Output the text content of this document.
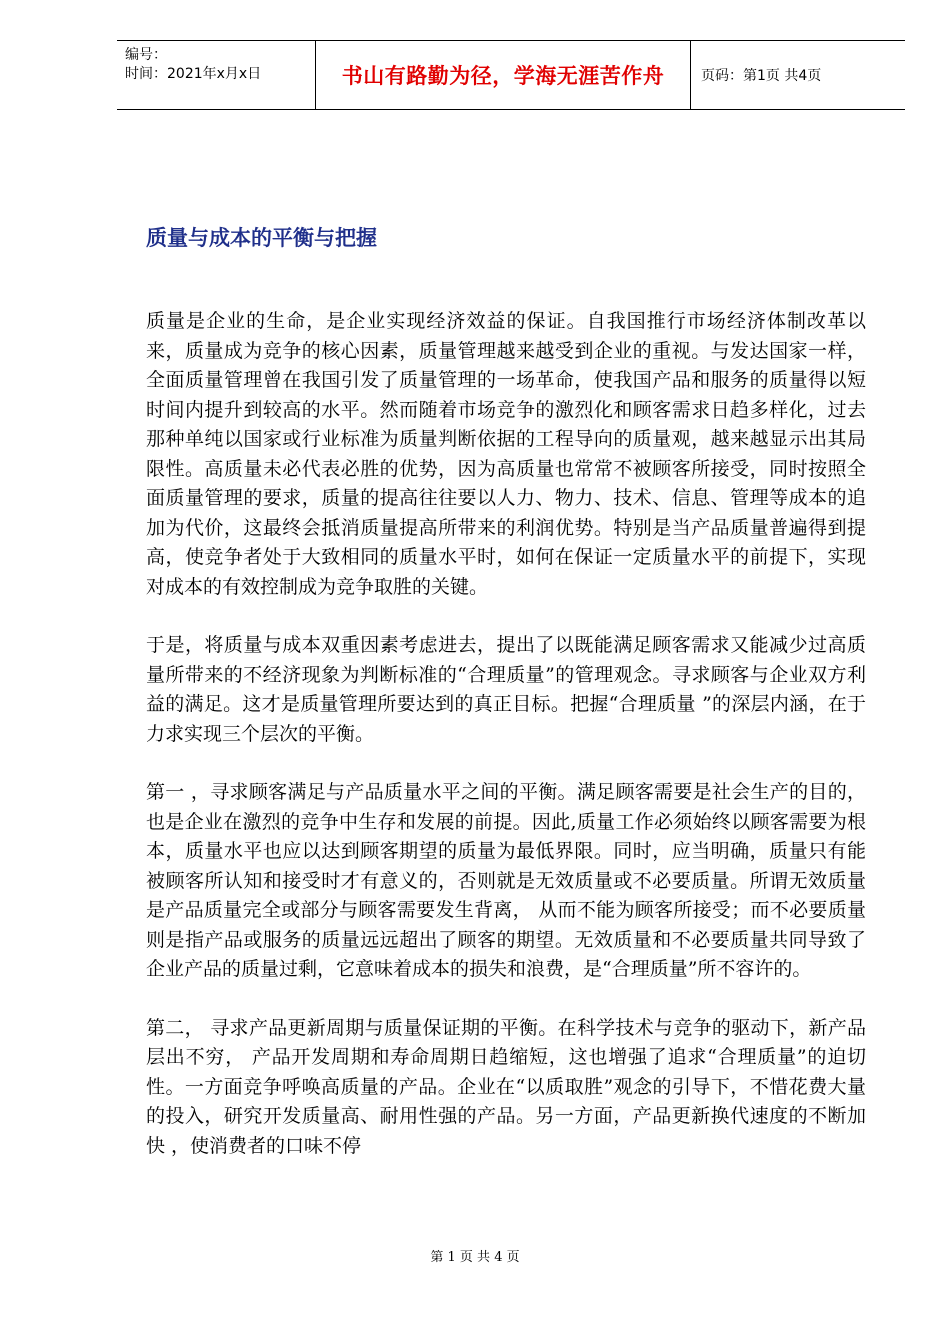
编号：
时间：2021年x月x日	书山有路勤为径，学海无涯苦作舟	页码：第1页 共4页
质量与成本的平衡与把握

质量是企业的生命，是企业实现经济效益的保证。自我国推行市场经济体制改革以来，质量成为竞争的核心因素，质量管理越来越受到企业的重视。与发达国家一样，全面质量管理曾在我国引发了质量管理的一场革命，使我国产品和服务的质量得以短时间内提升到较高的水平。然而随着市场竞争的激烈化和顾客需求日趋多样化，过去那种单纯以国家或行业标准为质量判断依据的工程导向的质量观，越来越显示出其局限性。高质量未必代表必胜的优势，因为高质量也常常不被顾客所接受，同时按照全面质量管理的要求，质量的提高往往要以人力、物力、技术、信息、管理等成本的追加为代价，这最终会抵消质量提高所带来的利润优势。特别是当产品质量普遍得到提高，使竞争者处于大致相同的质量水平时，如何在保证一定质量水平的前提下，实现对成本的有效控制成为竞争取胜的关键。

于是，将质量与成本双重因素考虑进去，提出了以既能满足顾客需求又能减少过高质量所带来的不经济现象为判断标准的“合理质量”的管理观念。寻求顾客与企业双方利益的满足。这才是质量管理所要达到的真正目标。把握“合理质量 ”的深层内涵，在于力求实现三个层次的平衡。

第一 ，寻求顾客满足与产品质量水平之间的平衡。满足顾客需要是社会生产的目的，也是企业在激烈的竞争中生存和发展的前提。因此,质量工作必须始终以顾客需要为根本，质量水平也应以达到顾客期望的质量为最低界限。同时，应当明确，质量只有能被顾客所认知和接受时才有意义的，否则就是无效质量或不必要质量。所谓无效质量是产品质量完全或部分与顾客需要发生背离， 从而不能为顾客所接受；而不必要质量则是指产品或服务的质量远远超出了顾客的期望。无效质量和不必要质量共同导致了企业产品的质量过剩，它意味着成本的损失和浪费，是“合理质量”所不容许的。

第二， 寻求产品更新周期与质量保证期的平衡。在科学技术与竞争的驱动下，新产品层出不穷， 产品开发周期和寿命周期日趋缩短，这也增强了追求“合理质量”的迫切性。一方面竞争呼唤高质量的产品。企业在“以质取胜”观念的引导下，不惜花费大量的投入，研究开发质量高、耐用性强的产品。另一方面，产品更新换代速度的不断加快 ，使消费者的口味不停

第 1 页 共 4 页
